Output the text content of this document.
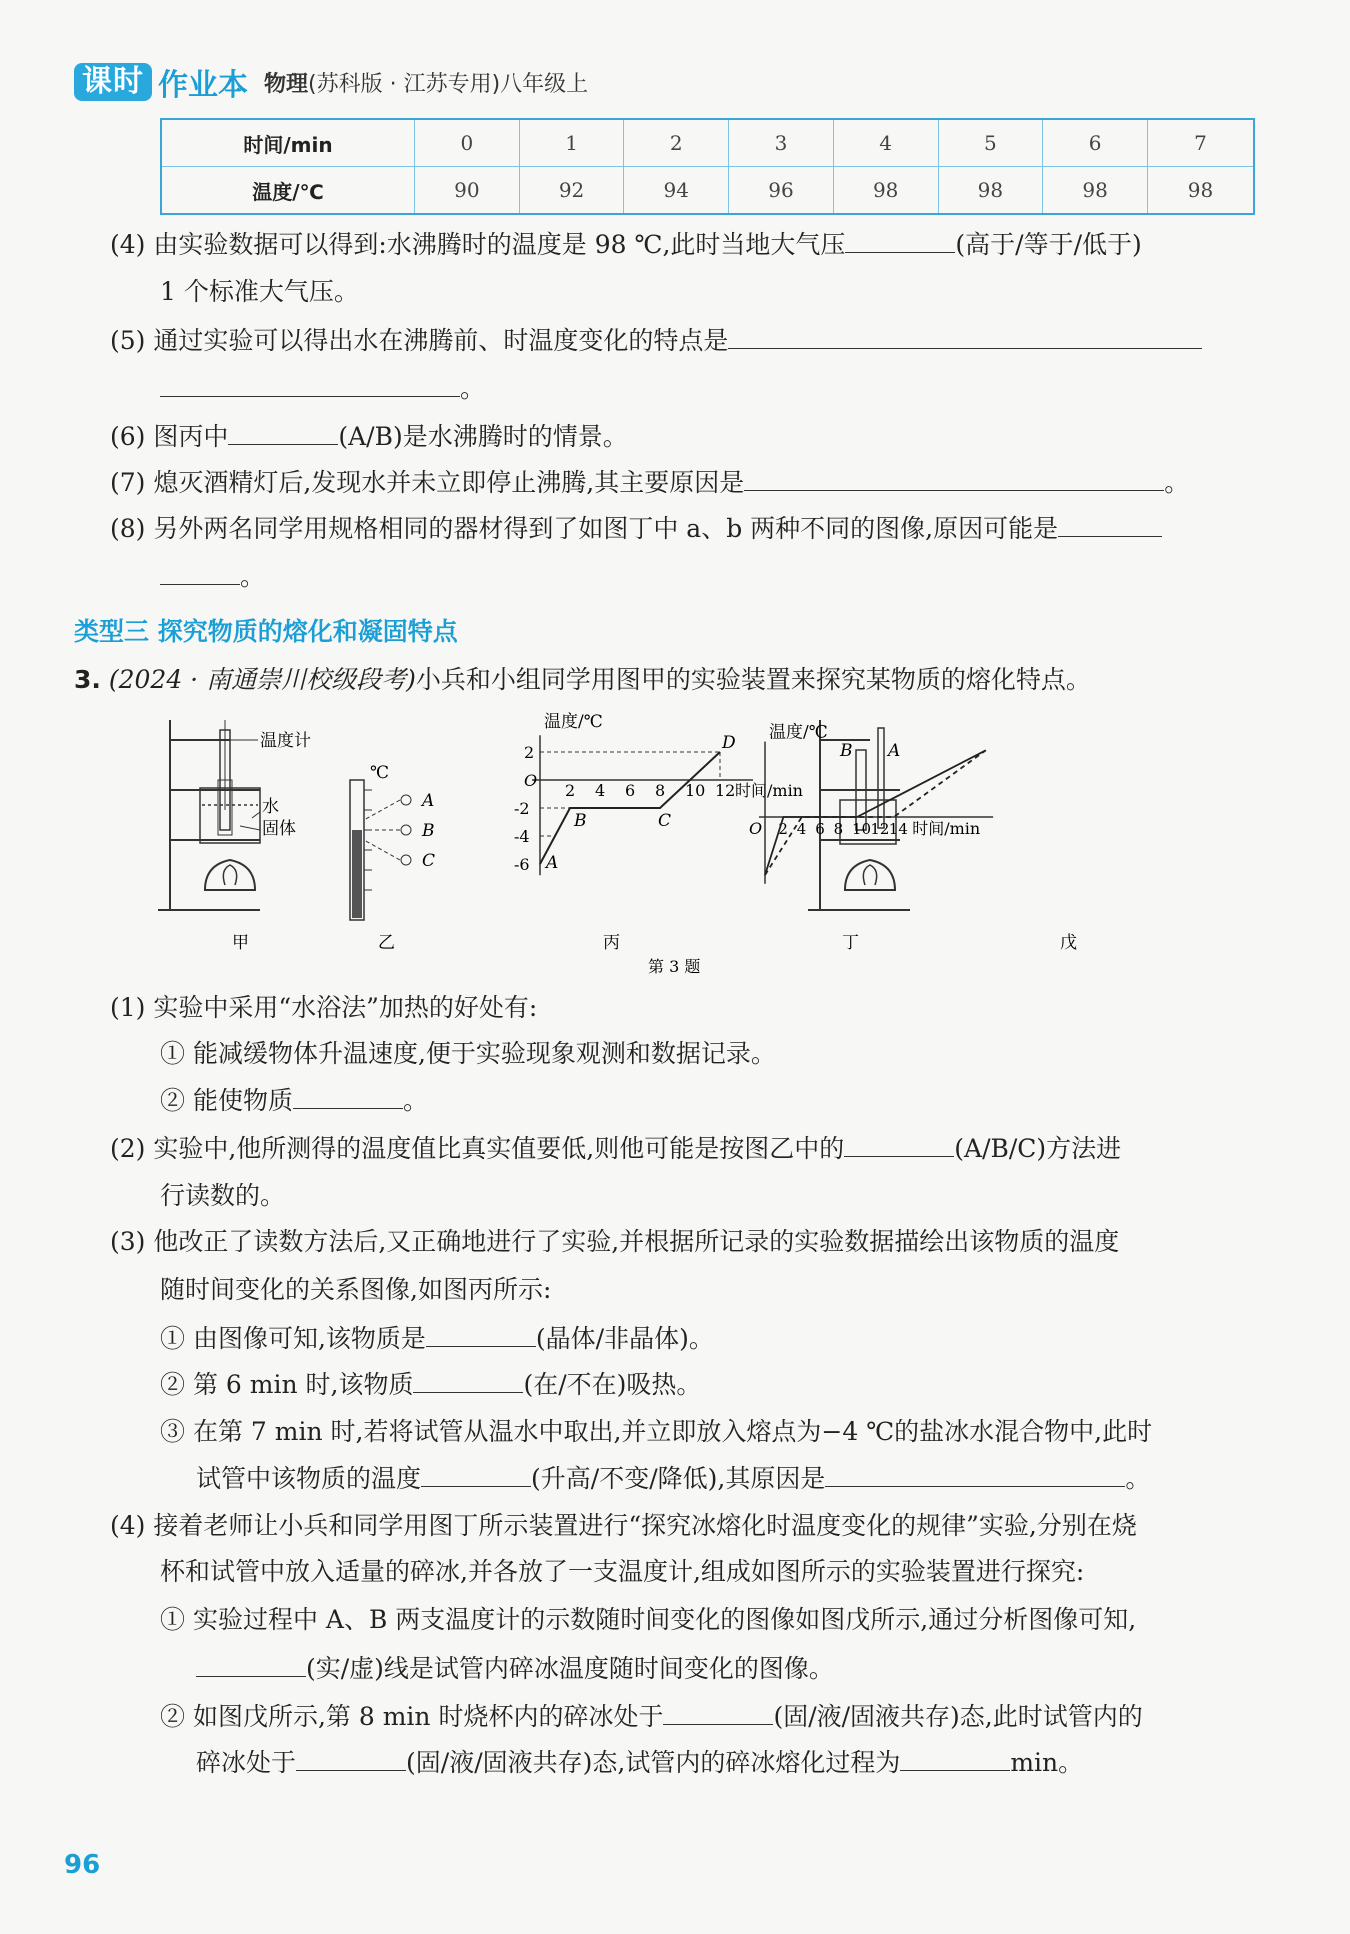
课时 作业本 物理(苏科版 · 江苏专用)八年级上
时间/min	0	1	2	3	4	5	6	7
温度/℃	90	92	94	96	98	98	98	98
(4) 由实验数据可以得到:水沸腾时的温度是 98 ℃,此时当地大气压	(高于/等于/低于)
1 个标准大气压。
(5) 通过实验可以得出水在沸腾前、时温度变化的特点是
。
(6) 图丙中	(A/B)是水沸腾时的情景。
(7) 熄灭酒精灯后,发现水并未立即停止沸腾,其主要原因是	。
(8) 另外两名同学用规格相同的器材得到了如图丁中 a、b 两种不同的图像,原因可能是
。
类型三 探究物质的熔化和凝固特点
3. (2024 · 南通崇川校级段考)小兵和小组同学用图甲的实验装置来探究某物质的熔化特点。
温度计
水
固体
甲
℃
A
B
C
乙
温度/℃
时间/min
2 4 6 8 10 12
2
O
-2
-4
-6 A
B	C
D
丙
第 3 题
B A
丁
温度/℃
时间/min
O 2 4 6 8 10 12 14
戊
(1) 实验中采用“水浴法”加热的好处有:
① 能减缓物体升温速度,便于实验现象观测和数据记录。
② 能使物质	。
(2) 实验中,他所测得的温度值比真实值要低,则他可能是按图乙中的	(A/B/C)方法进
行读数的。
(3) 他改正了读数方法后,又正确地进行了实验,并根据所记录的实验数据描绘出该物质的温度
随时间变化的关系图像,如图丙所示:
① 由图像可知,该物质是	(晶体/非晶体)。
② 第 6 min 时,该物质	(在/不在)吸热。
③ 在第 7 min 时,若将试管从温水中取出,并立即放入熔点为−4 ℃的盐冰水混合物中,此时
试管中该物质的温度	(升高/不变/降低),其原因是	。
(4) 接着老师让小兵和同学用图丁所示装置进行“探究冰熔化时温度变化的规律”实验,分别在烧
杯和试管中放入适量的碎冰,并各放了一支温度计,组成如图所示的实验装置进行探究:
① 实验过程中 A、B 两支温度计的示数随时间变化的图像如图戊所示,通过分析图像可知,
(实/虚)线是试管内碎冰温度随时间变化的图像。
② 如图戊所示,第 8 min 时烧杯内的碎冰处于	(固/液/固液共存)态,此时试管内的
碎冰处于	(固/液/固液共存)态,试管内的碎冰熔化过程为	min。
96
